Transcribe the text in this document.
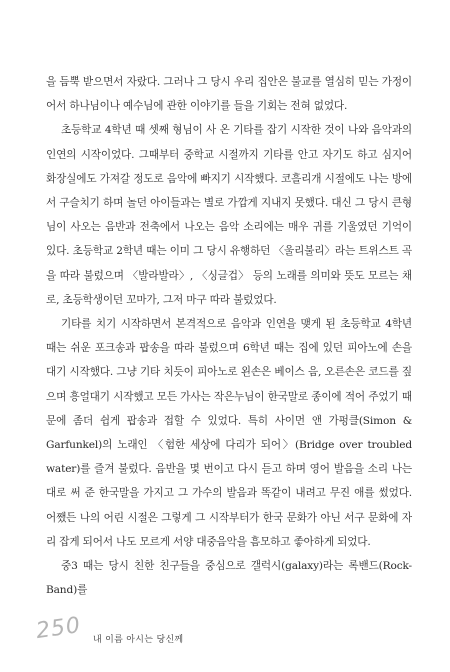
을 듬뿍 받으면서 자랐다. 그러나 그 당시 우리 집안은 불교를 열심히 믿는 가정이어서 하나님이나 예수님에 관한 이야기를 들을 기회는 전혀 없었다.

초등학교 4학년 때 셋째 형님이 사 온 기타를 잡기 시작한 것이 나와 음악과의 인연의 시작이었다. 그때부터 중학교 시절까지 기타를 안고 자기도 하고 심지어 화장실에도 가져갈 정도로 음악에 빠지기 시작했다. 코흘리개 시절에도 나는 방에서 구슬치기 하며 놀던 아이들과는 별로 가깝게 지내지 못했다. 대신 그 당시 큰형님이 사오는 음반과 전축에서 나오는 음악 소리에는 매우 귀를 기울였던 기억이 있다. 초등학교 2학년 때는 이미 그 당시 유행하던 〈울리불리〉라는 트위스트 곡을 따라 불렀으며 〈발라발라〉, 〈싱글겁〉 등의 노래를 의미와 뜻도 모르는 채로, 초등학생이던 꼬마가, 그저 마구 따라 불렀었다.

기타를 치기 시작하면서 본격적으로 음악과 인연을 맺게 된 초등학교 4학년 때는 쉬운 포크송과 팝송을 따라 불렀으며 6학년 때는 집에 있던 피아노에 손을 대기 시작했다. 그냥 기타 치듯이 피아노로 왼손은 베이스 음, 오른손은 코드를 짚으며 흥얼대기 시작했고 모든 가사는 작은누님이 한국말로 종이에 적어 주었기 때문에 좀더 쉽게 팝송과 접할 수 있었다. 특히 사이먼 앤 가펑클(Simon & Garfunkel)의 노래인 〈험한 세상에 다리가 되어〉(Bridge over troubled water)를 즐겨 불렀다. 음반을 몇 번이고 다시 듣고 하며 영어 발음을 소리 나는 대로 써 준 한국말을 가지고 그 가수의 발음과 똑같이 내려고 무진 애를 썼었다. 어쨌든 나의 어린 시절은 그렇게 그 시작부터가 한국 문화가 아닌 서구 문화에 자리 잡게 되어서 나도 모르게 서양 대중음악을 흠모하고 좋아하게 되었다.

중3 때는 당시 친한 친구들을 중심으로 갤럭시(galaxy)라는 록밴드(Rock-Band)를

250 내 이름 아시는 당신께
